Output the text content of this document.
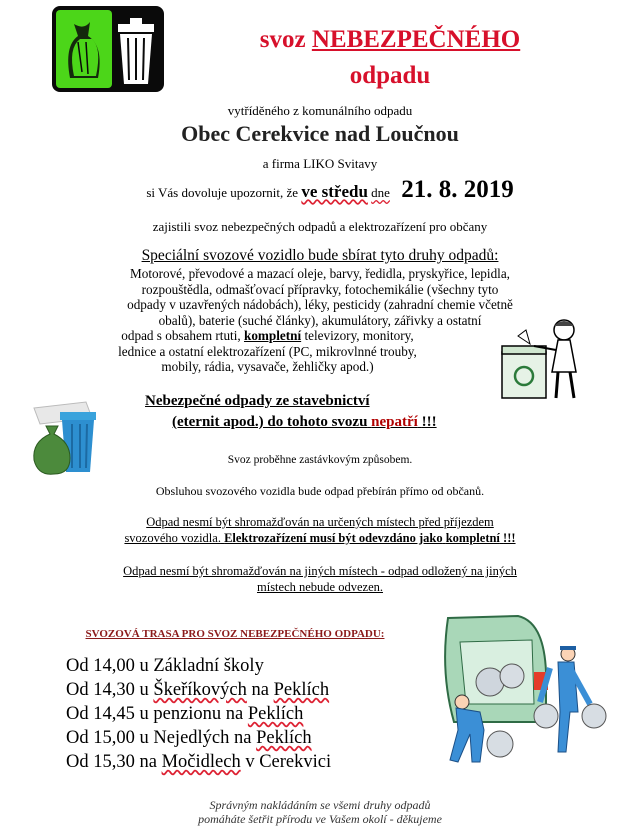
svoz NEBEZPEČNÉHO
odpadu
vytříděného z komunálního odpadu
Obec Cerekvice nad Loučnou
a firma LIKO Svitavy
si Vás dovoluje upozornit, že ve středu dne 21. 8. 2019
zajistili svoz nebezpečných odpadů a elektrozařízení pro občany
Speciální svozové vozidlo bude sbírat tyto druhy odpadů:
Motorové, převodové a mazací oleje, barvy, ředidla, pryskyřice, lepidla,
rozpouštědla, odmašťovací přípravky, fotochemikálie (všechny tyto
odpady v uzavřených nádobách), léky, pesticidy (zahradní chemie včetně
obalů), baterie (suché články), akumulátory, zářivky a ostatní
odpad s obsahem rtuti, kompletní televizory, monitory,
lednice a ostatní elektrozařízení (PC, mikrovlnné trouby,
mobily, rádia, vysavače, žehličky apod.)
Nebezpečné odpady ze stavebnictví
(eternit apod.) do tohoto svozu nepatří !!!
Svoz proběhne zastávkovým způsobem.
Obsluhou svozového vozidla bude odpad přebírán přímo od občanů.
Odpad nesmí být shromažďován na určených místech před příjezdem
svozového vozidla. Elektrozařízení musí být odevzdáno jako kompletní !!!
Odpad nesmí být shromažďován na jiných místech - odpad odložený na jiných
místech nebude odvezen.
SVOZOVÁ TRASA PRO SVOZ NEBEZPEČNÉHO ODPADU:
Od 14,00 u Základní školy
Od 14,30 u Škeříkových na Peklích
Od 14,45 u penzionu na Peklích
Od 15,00 u Nejedlých na Peklích
Od 15,30 na Močidlech v Cerekvici
Správným nakládáním se všemi druhy odpadů
pomáháte šetřit přírodu ve Vašem okolí - děkujeme
